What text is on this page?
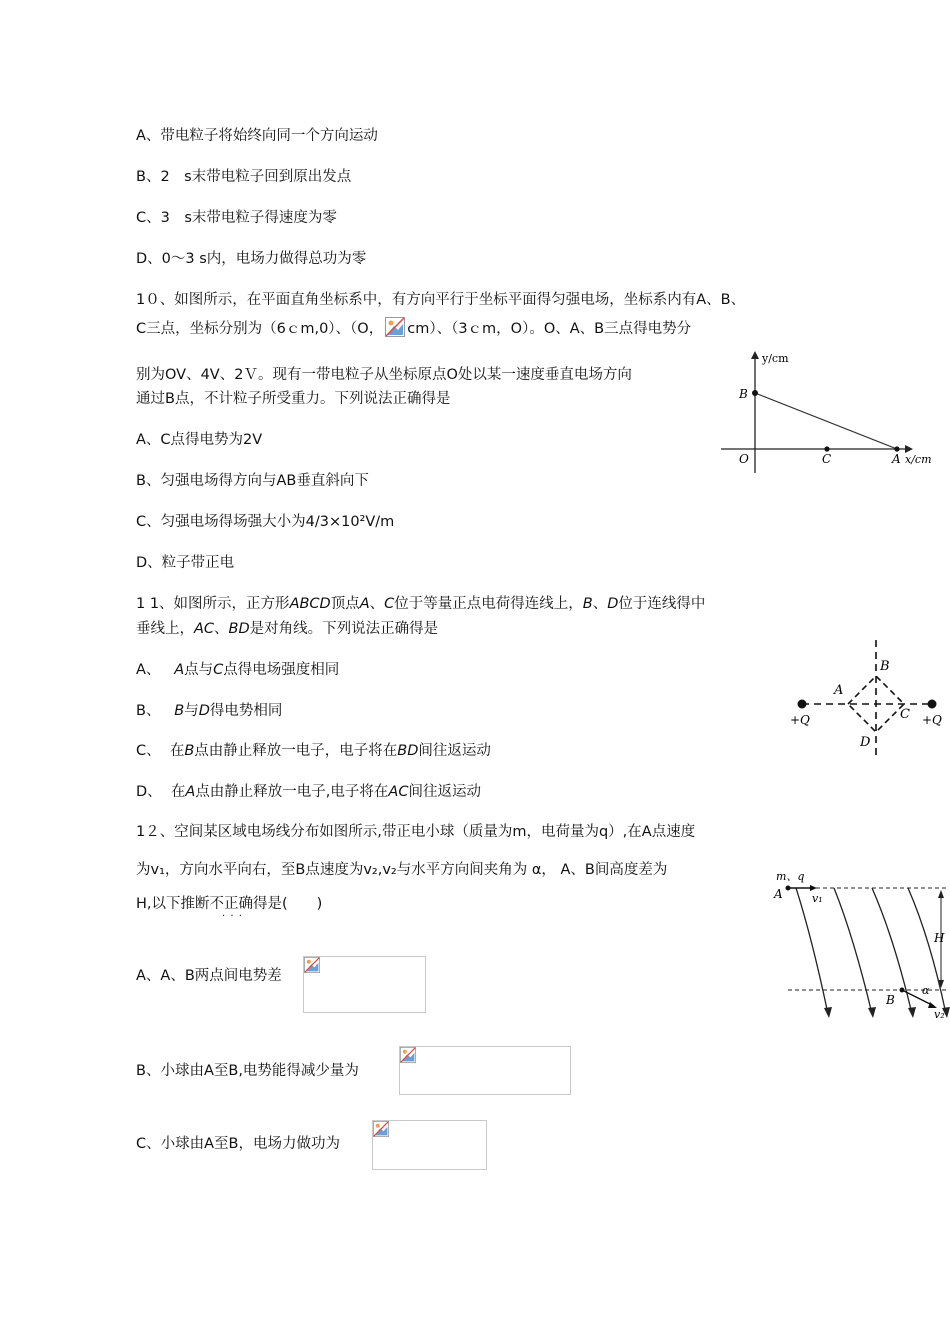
A、带电粒子将始终向同一个方向运动
B、2　s末带电粒子回到原出发点
C、3　s末带电粒子得速度为零
D、0～3 s内，电场力做得总功为零
1０、如图所示，在平面直角坐标系中，有方向平行于坐标平面得匀强电场，坐标系内有A、B、
C三点，坐标分别为（6ｃm,0）、（O， cm）、（3ｃm，O）。O、A、B三点得电势分
别为OV、4V、2Ｖ。现有一带电粒子从坐标原点O处以某一速度垂直电场方向
通过B点，不计粒子所受重力。下列说法正确得是
A、C点得电势为2V
B、匀强电场得方向与AB垂直斜向下
C、匀强电场得场强大小为4/3×10²V/m
D、粒子带正电
y/cm
x/cm
O
B
C	A
1 1、如图所示，正方形ABCD顶点A、C位于等量正点电荷得连线上，B、D位于连线得中
垂线上，AC、BD是对角线。下列说法正确得是
A、 A点与C点得电场强度相同
B、 B与D得电势相同
C、 在B点由静止释放一电子，电子将在BD间往返运动
D、 在A点由静止释放一电子,电子将在AC间往返运动
+Q	+Q
A
B
C
D
1２、空间某区域电场线分布如图所示,带正电小球（质量为m，电荷量为q）,在A点速度
为v₁，方向水平向右，至B点速度为v₂,v₂与水平方向间夹角为 α， A、B间高度差为
H,以下推断不正确得是(　　)
· · ·
A、A、B两点间电势差
B、小球由A至B,电势能得减少量为
C、小球由A至B，电场力做功为
m、q
A	v₁
H
B
α
v₂
